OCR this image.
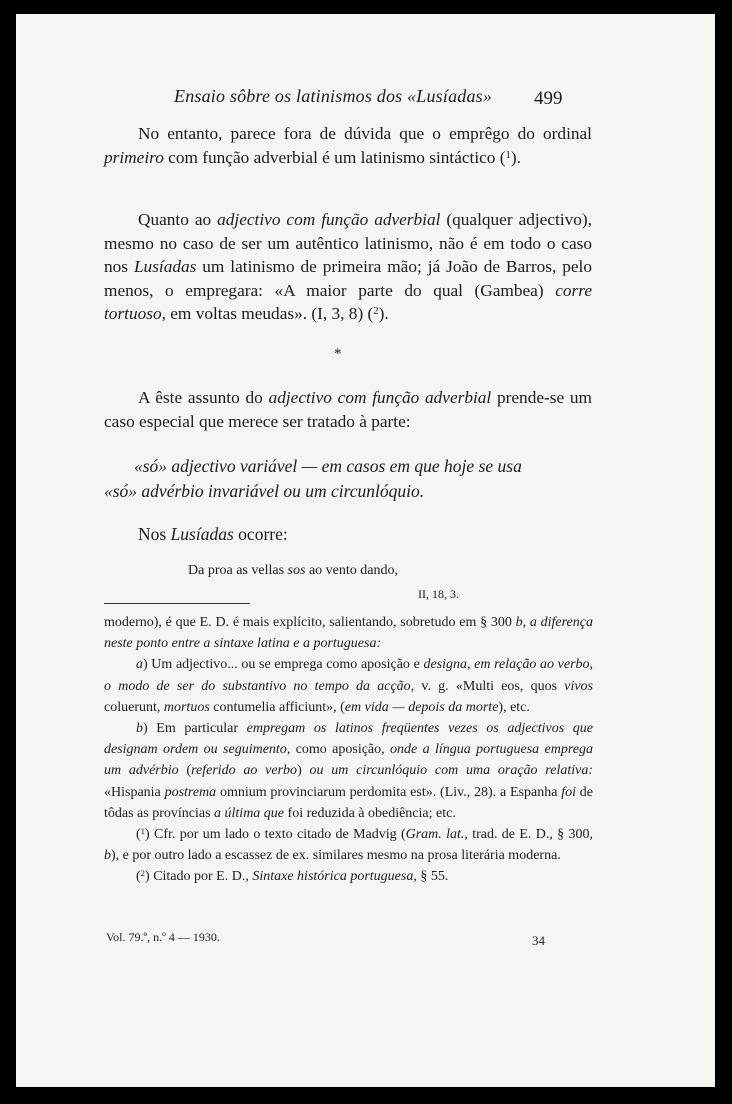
Ensaio sôbre os latinismos dos «Lusíadas» 499

No entanto, parece fora de dúvida que o emprêgo do ordinal primeiro com função adverbial é um latinismo sintáctico ($^1$).

Quanto ao adjectivo com função adverbial (qualquer adjectivo), mesmo no caso de ser um autêntico latinismo, não é em todo o caso nos Lusíadas um latinismo de primeira mão; já João de Barros, pelo menos, o empregara: «A maior parte do qual (Gambea) corre tortuoso, em voltas meudas». (I, 3, 8) ($^2$).

*

A êste assunto do adjectivo com função adverbial prende-se um caso especial que merece ser tratado à parte:

«só» adjectivo variável — em casos em que hoje se usa
«só» advérbio invariável ou um circunlóquio.
Nos Lusíadas ocorre:
Da proa as vellas sos ao vento dando,
II, 18, 3.

moderno), é que E. D. é mais explícito, salientando, sobretudo em § 300 b, a diferença neste ponto entre a sintaxe latina e a portuguesa:

a) Um adjectivo... ou se emprega como aposição e designa, em relação ao verbo, o modo de ser do substantivo no tempo da acção, v. g. «Multi eos, quos vivos coluerunt, mortuos contumelia afficiunt», (em vida — depois da morte), etc.

b) Em particular empregam os latinos freqüentes vezes os adjectivos que designam ordem ou seguimento, como aposição, onde a língua portuguesa emprega um advérbio (referido ao verbo) ou um circunlóquio com uma oração relativa: «Hispania postrema omnium provinciarum perdomita est». (Liv., 28). a Espanha foi de tôdas as províncias a última que foi reduzida à obediência; etc.

($^1$) Cfr. por um lado o texto citado de Madvig (Gram. lat., trad. de E. D., § 300, b), e por outro lado a escassez de ex. similares mesmo na prosa literária moderna.

($^2$) Citado por E. D., Sintaxe histórica portuguesa, § 55.

Vol. 79.º, n.º 4 — 1930.	34
